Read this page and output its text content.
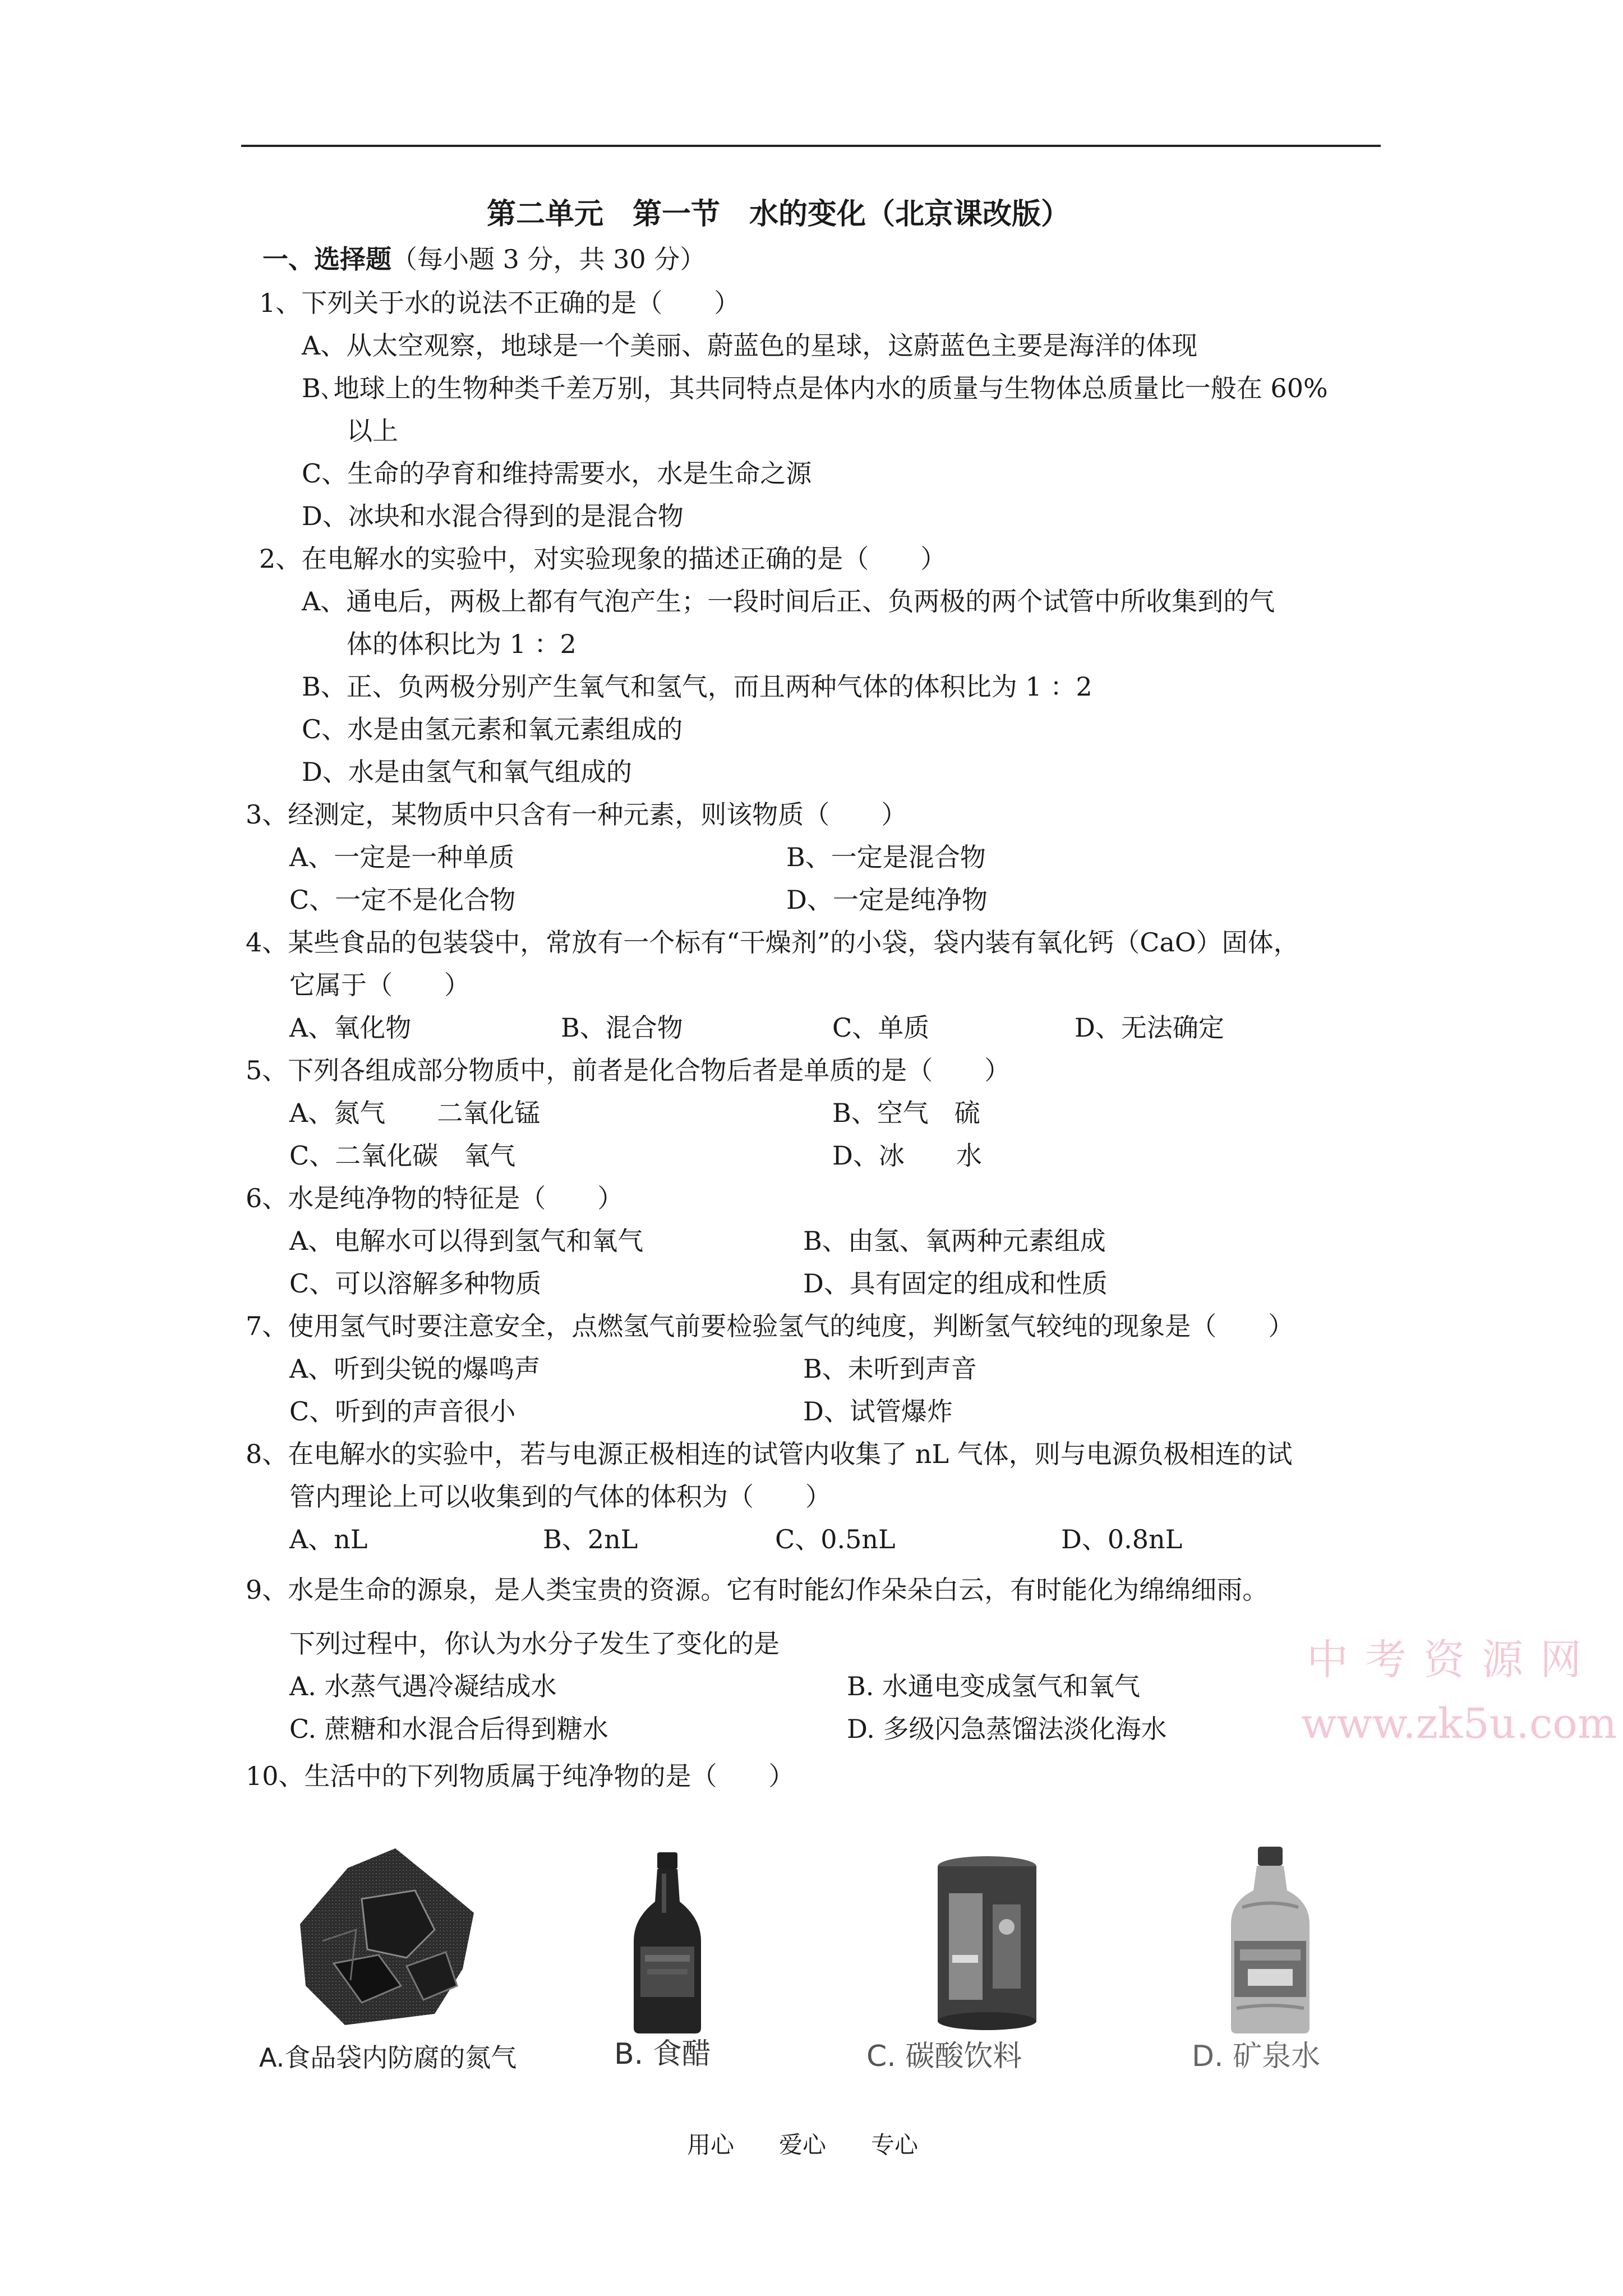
第二单元　第一节　水的变化（北京课改版）
一、选择题（每小题 3 分，共 30 分）
1、下列关于水的说法不正确的是（　　）
A、从太空观察，地球是一个美丽、蔚蓝色的星球，这蔚蓝色主要是海洋的体现
B､地球上的生物种类千差万别，其共同特点是体内水的质量与生物体总质量比一般在 60%
以上
C、生命的孕育和维持需要水，水是生命之源
D、冰块和水混合得到的是混合物
2、在电解水的实验中，对实验现象的描述正确的是（　　）
A、通电后，两极上都有气泡产生；一段时间后正、负两极的两个试管中所收集到的气
体的体积比为 1 ：2
B、正、负两极分别产生氧气和氢气，而且两种气体的体积比为 1 ：2
C、水是由氢元素和氧元素组成的
D、水是由氢气和氧气组成的
3、经测定，某物质中只含有一种元素，则该物质（　　）
A、一定是一种单质	B、一定是混合物
C、一定不是化合物	D、一定是纯净物
4、某些食品的包装袋中，常放有一个标有“干燥剂”的小袋，袋内装有氧化钙（CaO）固体，
它属于（　　）
A、氧化物	B、混合物	C、单质	D、无法确定
5、下列各组成部分物质中，前者是化合物后者是单质的是（　　）
A、氮气　　二氧化锰	B、空气　硫
C、二氧化碳　氧气	D、冰　　水
6、水是纯净物的特征是（　　）
A、电解水可以得到氢气和氧气	B、由氢、氧两种元素组成
C、可以溶解多种物质	D、具有固定的组成和性质
7、使用氢气时要注意安全，点燃氢气前要检验氢气的纯度，判断氢气较纯的现象是（　　）
A、听到尖锐的爆鸣声	B、未听到声音
C、听到的声音很小	D、试管爆炸
8、在电解水的实验中，若与电源正极相连的试管内收集了 nL 气体，则与电源负极相连的试
管内理论上可以收集到的气体的体积为（　　）
A、nL	B、2nL	C、0.5nL	D、0.8nL
9、水是生命的源泉，是人类宝贵的资源。它有时能幻作朵朵白云，有时能化为绵绵细雨。
下列过程中，你认为水分子发生了变化的是
A. 水蒸气遇冷凝结成水	B. 水通电变成氢气和氧气
C. 蔗糖和水混合后得到糖水	D. 多级闪急蒸馏法淡化海水
10、生活中的下列物质属于纯净物的是（　　）
中考资源网
www.zk5u.com
A.食品袋内防腐的氮气	B. 食醋	C. 碳酸饮料	D. 矿泉水
用心 爱心 专心
